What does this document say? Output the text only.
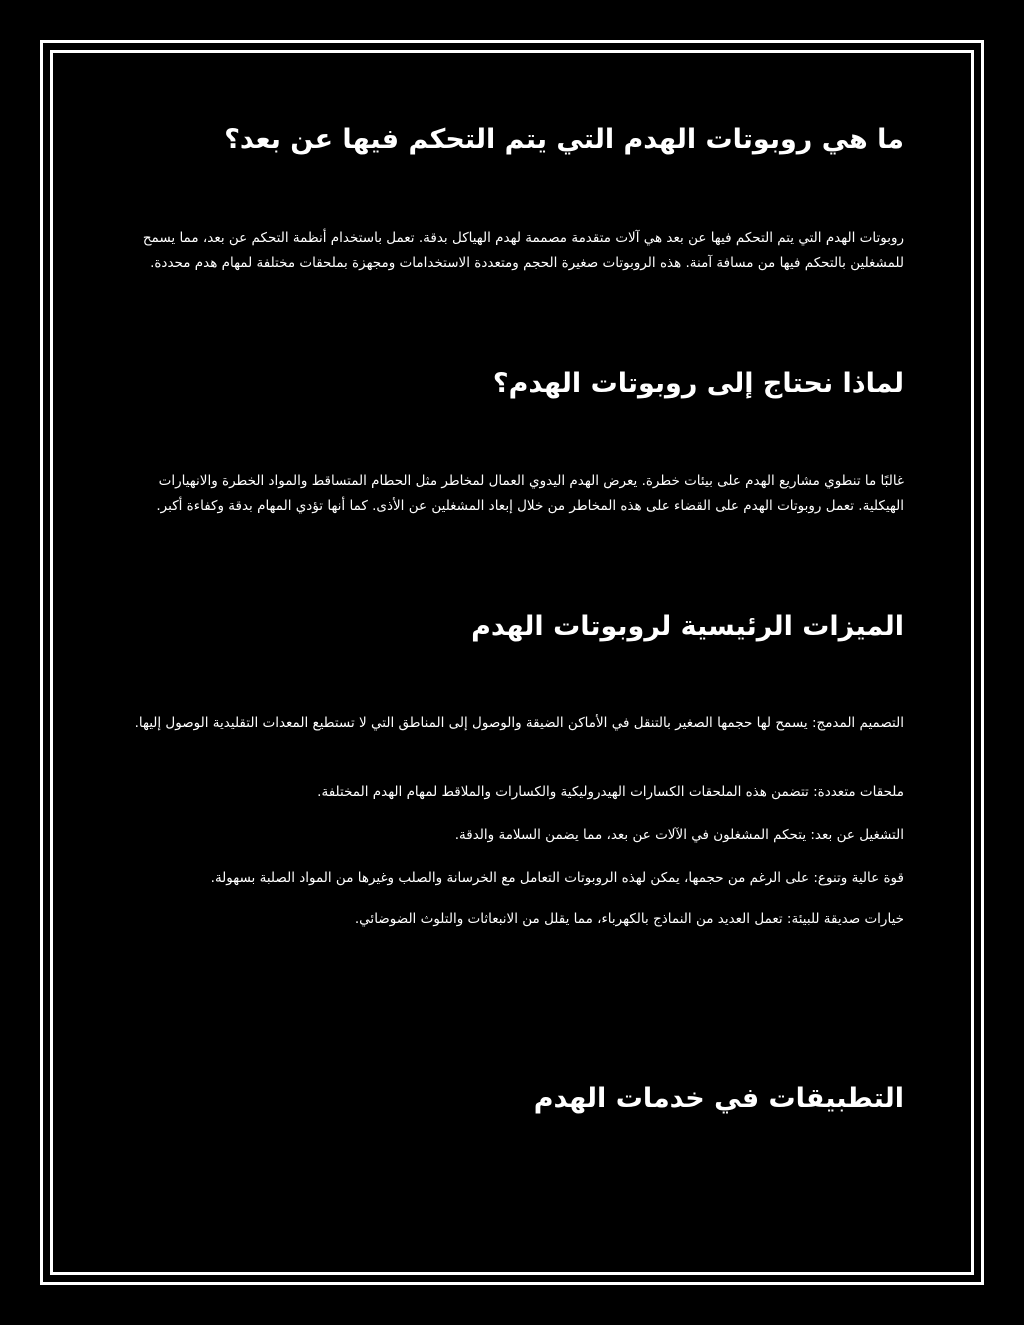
ما هي روبوتات الهدم التي يتم التحكم فيها عن بعد؟

روبوتات الهدم التي يتم التحكم فيها عن بعد هي آلات متقدمة مصممة لهدم الهياكل بدقة. تعمل باستخدام أنظمة التحكم عن بعد، مما يسمح للمشغلين بالتحكم فيها من مسافة آمنة. هذه الروبوتات صغيرة الحجم ومتعددة الاستخدامات ومجهزة بملحقات مختلفة لمهام هدم محددة.

لماذا نحتاج إلى روبوتات الهدم؟

غالبًا ما تنطوي مشاريع الهدم على بيئات خطرة. يعرض الهدم اليدوي العمال لمخاطر مثل الحطام المتساقط والمواد الخطرة والانهيارات الهيكلية. تعمل روبوتات الهدم على القضاء على هذه المخاطر من خلال إبعاد المشغلين عن الأذى. كما أنها تؤدي المهام بدقة وكفاءة أكبر.

الميزات الرئيسية لروبوتات الهدم

التصميم المدمج: يسمح لها حجمها الصغير بالتنقل في الأماكن الضيقة والوصول إلى المناطق التي لا تستطيع المعدات التقليدية الوصول إليها.

ملحقات متعددة: تتضمن هذه الملحقات الكسارات الهيدروليكية والكسارات والملاقط لمهام الهدم المختلفة.

التشغيل عن بعد: يتحكم المشغلون في الآلات عن بعد، مما يضمن السلامة والدقة.

قوة عالية وتنوع: على الرغم من حجمها، يمكن لهذه الروبوتات التعامل مع الخرسانة والصلب وغيرها من المواد الصلبة بسهولة.

خيارات صديقة للبيئة: تعمل العديد من النماذج بالكهرباء، مما يقلل من الانبعاثات والتلوث الضوضائي.

التطبيقات في خدمات الهدم
